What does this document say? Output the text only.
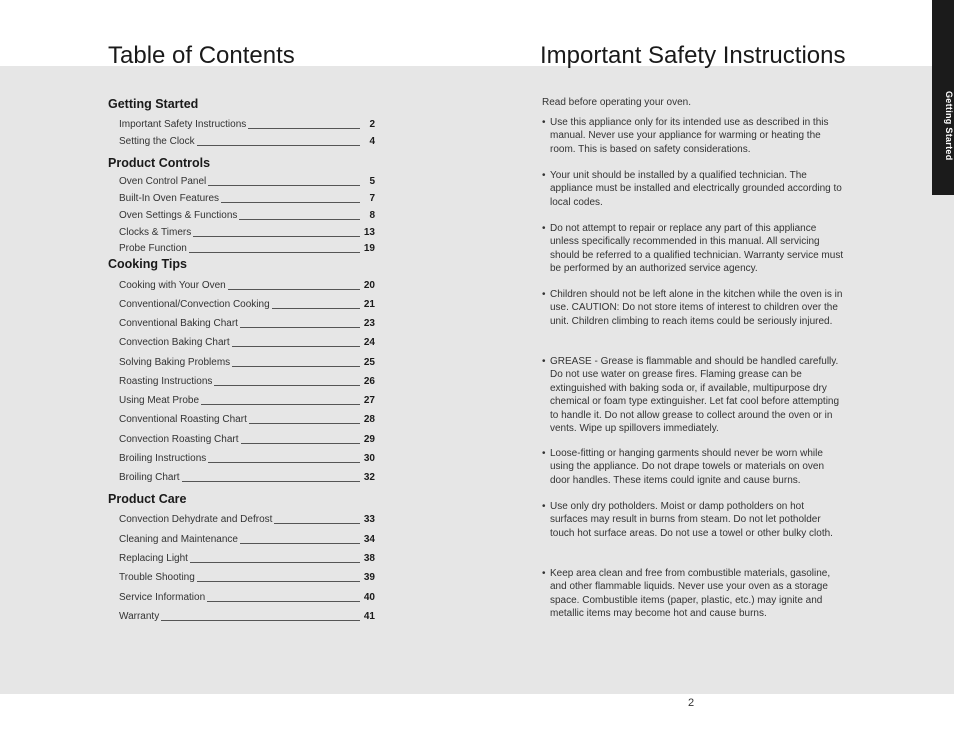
Getting Started
Table of Contents	Important Safety Instructions
Getting Started
Important Safety Instructions	2
Setting the Clock	4
Product Controls
Oven Control Panel	5
Built-In Oven Features	7
Oven Settings & Functions	8
Clocks & Timers	13
Probe Function	19
Cooking Tips
Cooking with Your Oven	20
Conventional/Convection Cooking	21
Conventional Baking Chart	23
Convection Baking Chart	24
Solving Baking Problems	25
Roasting Instructions	26
Using Meat Probe	27
Conventional Roasting Chart	28
Convection Roasting Chart	29
Broiling Instructions	30
Broiling Chart	32
Product Care
Convection Dehydrate and Defrost	33
Cleaning and Maintenance	34
Replacing Light	38
Trouble Shooting	39
Service Information	40
Warranty	41
Read before operating your oven.
• Use this appliance only for its intended use as described in this manual. Never use your appliance for warming or heating the room. This is based on safety considerations.
• Your unit should be installed by a qualified technician. The appliance must be installed and electrically grounded according to local codes.
• Do not attempt to repair or replace any part of this appliance unless specifically recommended in this manual. All servicing should be referred to a qualified technician. Warranty service must be performed by an authorized service agency.
• Children should not be left alone in the kitchen while the oven is in use. CAUTION: Do not store items of interest to children over the unit. Children climbing to reach items could be seriously injured.
• GREASE - Grease is flammable and should be handled carefully. Do not use water on grease fires. Flaming grease can be extinguished with baking soda or, if available, multipurpose dry chemical or foam type extinguisher. Let fat cool before attempting to handle it. Do not allow grease to collect around the oven or in vents. Wipe up spillovers immediately.
• Loose-fitting or hanging garments should never be worn while using the appliance. Do not drape towels or materials on oven door handles. These items could ignite and cause burns.
• Use only dry potholders. Moist or damp potholders on hot surfaces may result in burns from steam. Do not let potholder touch hot surface areas. Do not use a towel or other bulky cloth.
• Keep area clean and free from combustible materials, gasoline, and other flammable liquids. Never use your oven as a storage space. Combustible items (paper, plastic, etc.) may ignite and metallic items may become hot and cause burns.
2
